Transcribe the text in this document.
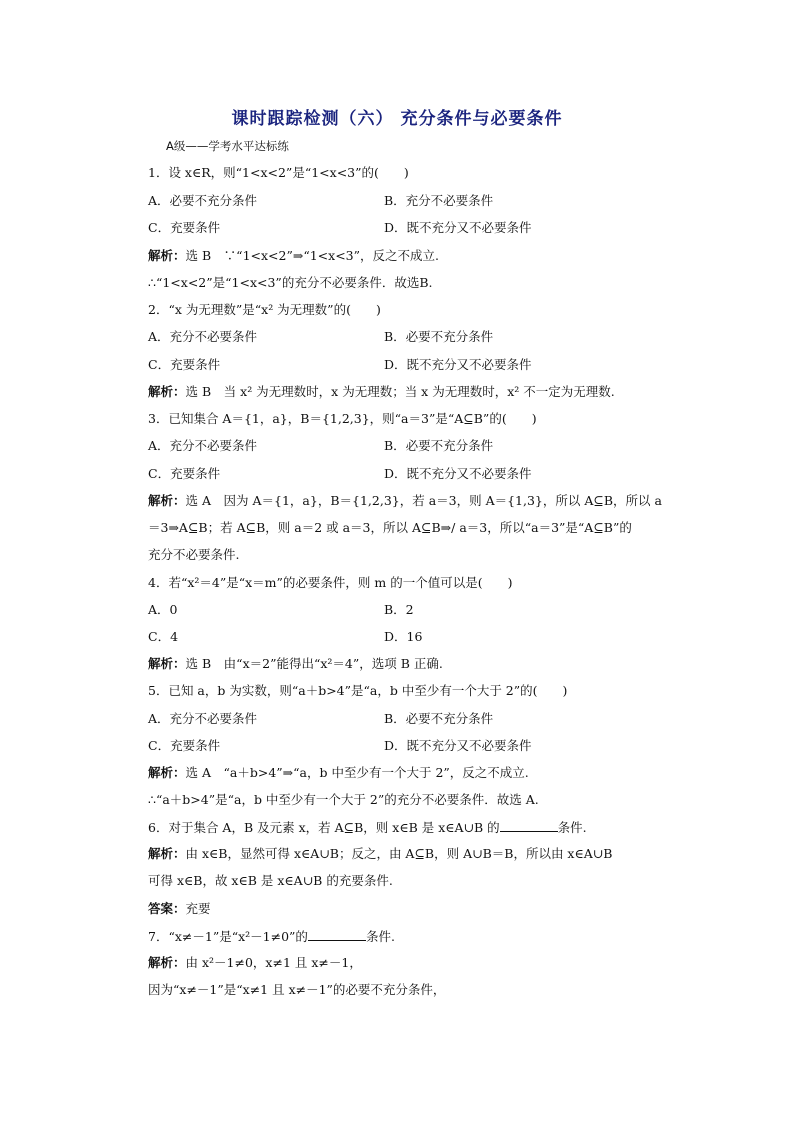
课时跟踪检测（六） 充分条件与必要条件
A级——学考水平达标练
1．设 x∈R，则“1<x<2”是“1<x<3”的(　　)
A．必要不充分条件	B．充分不必要条件
C．充要条件	D．既不充分又不必要条件
解析：选 B　∵“1<x<2”⇒“1<x<3”，反之不成立.
∴“1<x<2”是“1<x<3”的充分不必要条件．故选B.
2．“x 为无理数”是“x² 为无理数”的(　　)
A．充分不必要条件	B．必要不充分条件
C．充要条件	D．既不充分又不必要条件
解析：选 B　当 x² 为无理数时，x 为无理数；当 x 为无理数时，x² 不一定为无理数.
3．已知集合 A＝{1，a}，B＝{1,2,3}，则“a＝3”是“A⊆B”的(　　)
A．充分不必要条件	B．必要不充分条件
C．充要条件	D．既不充分又不必要条件
解析：选 A　因为 A＝{1，a}，B＝{1,2,3}，若 a＝3，则 A＝{1,3}，所以 A⊆B，所以 a
＝3⇒A⊆B；若 A⊆B，则 a＝2 或 a＝3，所以 A⊆B⇒/ a＝3，所以“a＝3”是“A⊆B”的
充分不必要条件.
4．若“x²＝4”是“x＝m”的必要条件，则 m 的一个值可以是(　　)
A．0	B．2
C．4	D．16
解析：选 B　由“x＝2”能得出“x²＝4”，选项 B 正确.
5．已知 a，b 为实数，则“a＋b>4”是“a，b 中至少有一个大于 2”的(　　)
A．充分不必要条件	B．必要不充分条件
C．充要条件	D．既不充分又不必要条件
解析：选 A　“a＋b>4”⇒“a，b 中至少有一个大于 2”，反之不成立.
∴“a＋b>4”是“a，b 中至少有一个大于 2”的充分不必要条件．故选 A.
6．对于集合 A，B 及元素 x，若 A⊆B，则 x∈B 是 x∈A∪B 的	条件.
解析：由 x∈B，显然可得 x∈A∪B；反之，由 A⊆B，则 A∪B＝B，所以由 x∈A∪B
可得 x∈B，故 x∈B 是 x∈A∪B 的充要条件.
答案：充要
7．“x≠－1”是“x²－1≠0”的	条件.
解析：由 x²－1≠0，x≠1 且 x≠－1，
因为“x≠－1”是“x≠1 且 x≠－1”的必要不充分条件，
